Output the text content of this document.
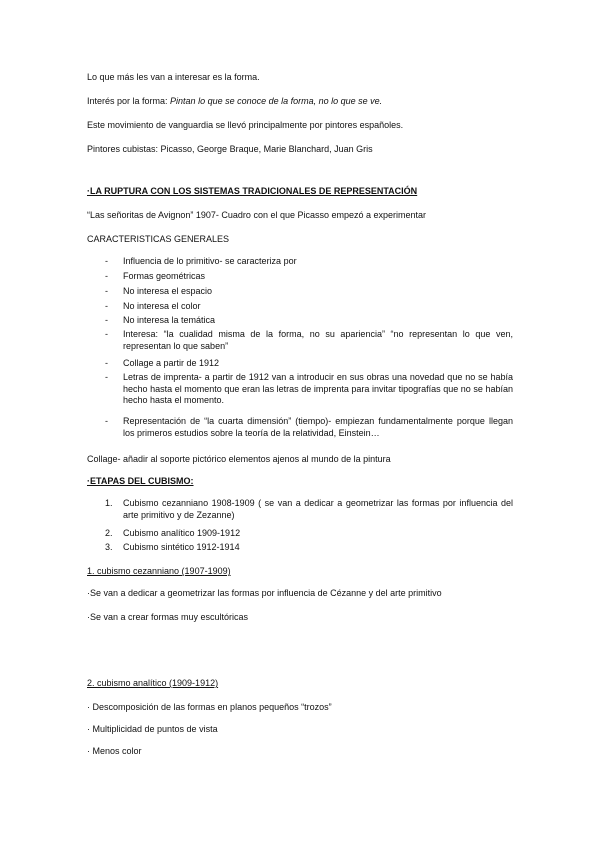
Lo que más les van a interesar es la forma.
Interés por la forma: Pintan lo que se conoce de la forma, no lo que se ve.
Este movimiento de vanguardia se llevó principalmente por pintores españoles.
Pintores cubistas: Picasso, George Braque, Marie Blanchard, Juan Gris
·LA RUPTURA CON LOS SISTEMAS TRADICIONALES DE REPRESENTACIÓN
“Las señoritas de Avignon” 1907- Cuadro con el que Picasso empezó a experimentar
CARACTERISTICAS GENERALES
- Influencia de lo primitivo- se caracteriza por
- Formas geométricas
- No interesa el espacio
- No interesa el color
- No interesa la temática
- Interesa: “la cualidad misma de la forma, no su apariencia” “no representan lo que ven, representan lo que saben”
- Collage a partir de 1912
- Letras de imprenta- a partir de 1912 van a introducir en sus obras una novedad que no se había hecho hasta el momento que eran las letras de imprenta para invitar tipografías que no se habían hecho hasta el momento.
- Representación de “la cuarta dimensión” (tiempo)- empiezan fundamentalmente porque llegan los primeros estudios sobre la teoría de la relatividad, Einstein…
Collage- añadir al soporte pictórico elementos ajenos al mundo de la pintura
·ETAPAS DEL CUBISMO:
1. Cubismo cezanniano 1908-1909 ( se van a dedicar a geometrizar las formas por influencia del arte primitivo y de Zezanne)
2. Cubismo analítico 1909-1912
3. Cubismo sintético 1912-1914
1. cubismo cezanniano (1907-1909)
·Se van a dedicar a geometrizar las formas por influencia de Cézanne y del arte primitivo
·Se van a crear formas muy escultóricas
2. cubismo analítico (1909-1912)
· Descomposición de las formas en planos pequeños “trozos”
· Multiplicidad de puntos de vista
· Menos color
